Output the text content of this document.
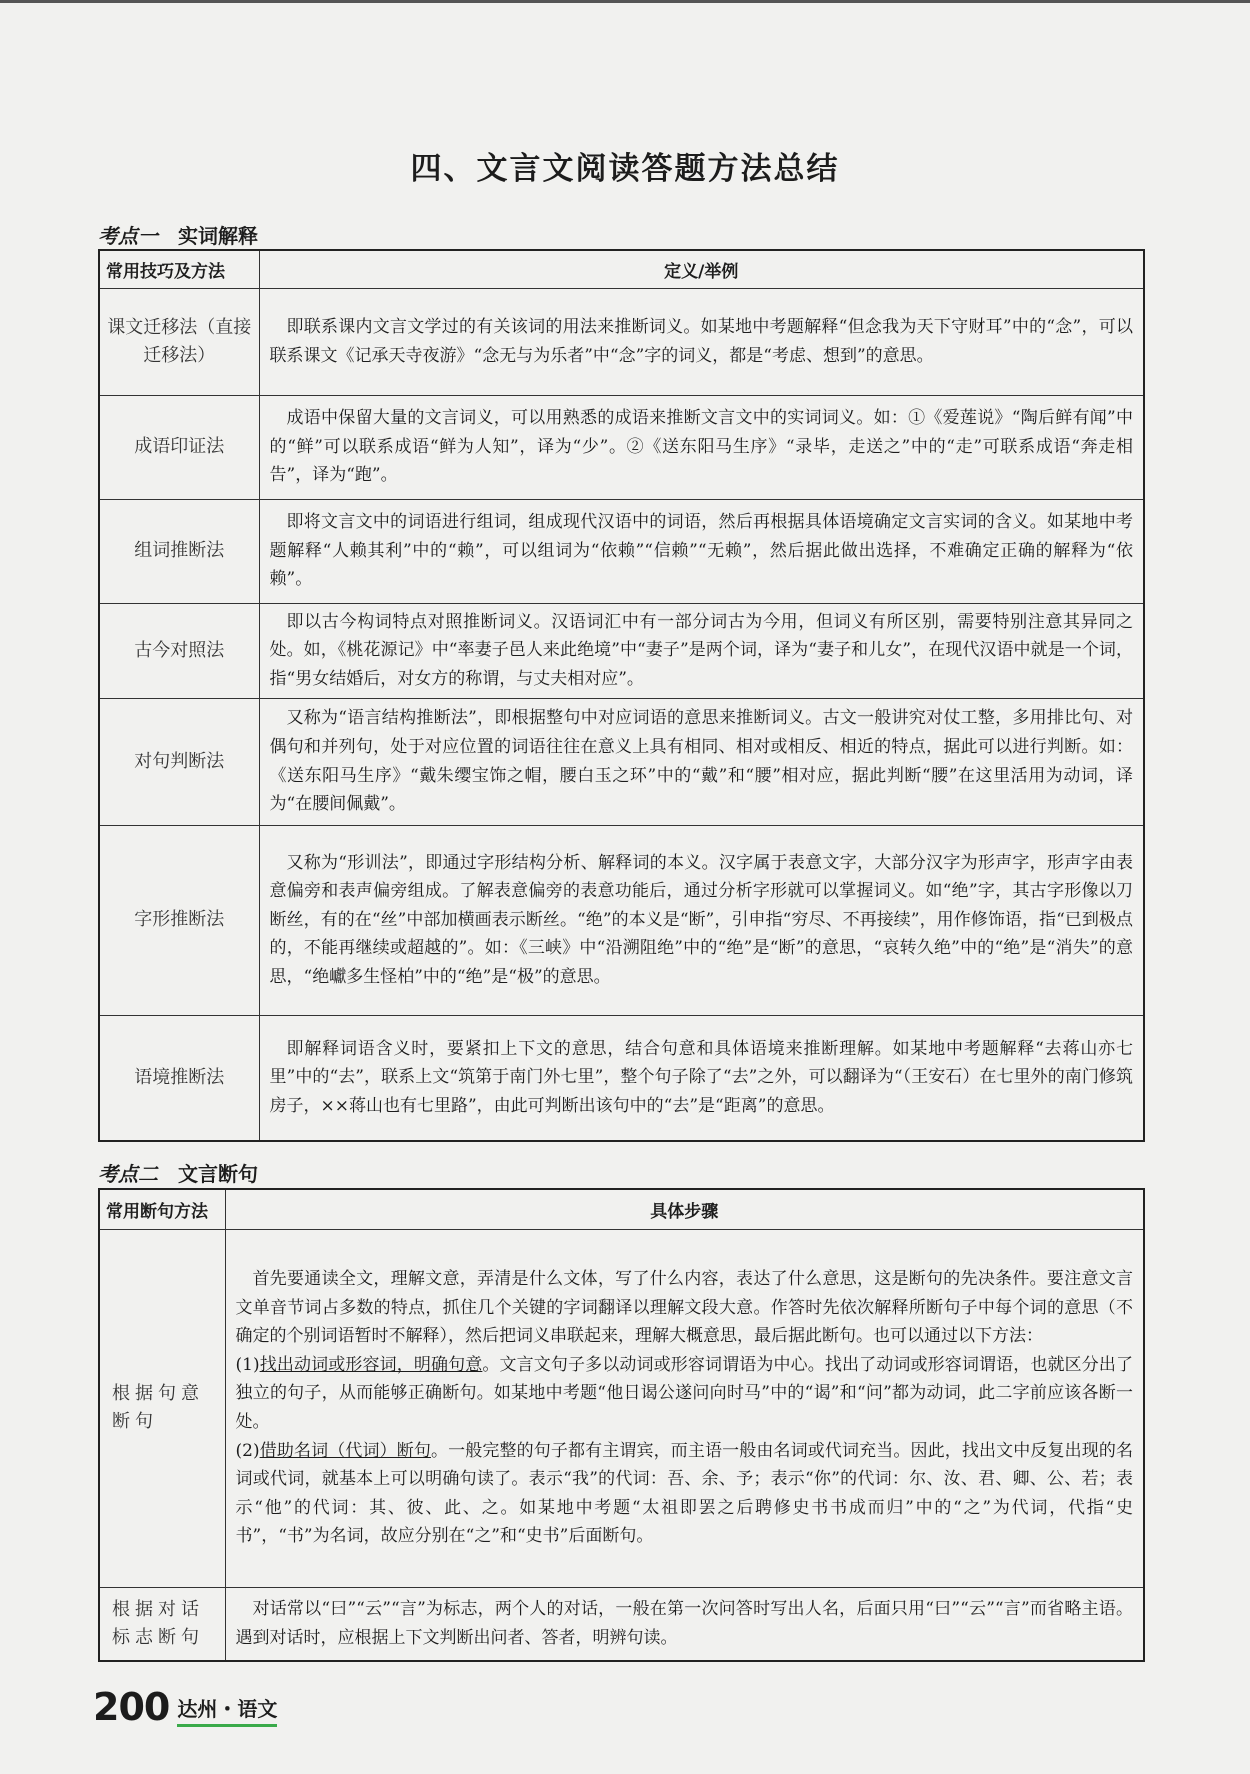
四、文言文阅读答题方法总结
考点一 实词解释
常用技巧及方法	定义/举例
课文迁移法（直接迁移法）	即联系课内文言文学过的有关该词的用法来推断词义。如某地中考题解释“但念我为天下守财耳”中的“念”，可以联系课文《记承天寺夜游》“念无与为乐者”中“念”字的词义，都是“考虑、想到”的意思。
成语印证法	成语中保留大量的文言词义，可以用熟悉的成语来推断文言文中的实词词义。如：①《爱莲说》“陶后鲜有闻”中的“鲜”可以联系成语“鲜为人知”，译为“少”。②《送东阳马生序》“录毕，走送之”中的“走”可联系成语“奔走相告”，译为“跑”。
组词推断法	即将文言文中的词语进行组词，组成现代汉语中的词语，然后再根据具体语境确定文言实词的含义。如某地中考题解释“人赖其利”中的“赖”，可以组词为“依赖”“信赖”“无赖”，然后据此做出选择，不难确定正确的解释为“依赖”。
古今对照法	即以古今构词特点对照推断词义。汉语词汇中有一部分词古为今用，但词义有所区别，需要特别注意其异同之处。如，《桃花源记》中“率妻子邑人来此绝境”中“妻子”是两个词，译为“妻子和儿女”，在现代汉语中就是一个词，指“男女结婚后，对女方的称谓，与丈夫相对应”。
对句判断法	又称为“语言结构推断法”，即根据整句中对应词语的意思来推断词义。古文一般讲究对仗工整，多用排比句、对偶句和并列句，处于对应位置的词语往往在意义上具有相同、相对或相反、相近的特点，据此可以进行判断。如：《送东阳马生序》“戴朱缨宝饰之帽，腰白玉之环”中的“戴”和“腰”相对应，据此判断“腰”在这里活用为动词，译为“在腰间佩戴”。
字形推断法	又称为“形训法”，即通过字形结构分析、解释词的本义。汉字属于表意文字，大部分汉字为形声字，形声字由表意偏旁和表声偏旁组成。了解表意偏旁的表意功能后，通过分析字形就可以掌握词义。如“绝”字，其古字形像以刀断丝，有的在“丝”中部加横画表示断丝。“绝”的本义是“断”，引申指“穷尽、不再接续”，用作修饰语，指“已到极点的，不能再继续或超越的”。如：《三峡》中“沿溯阻绝”中的“绝”是“断”的意思，“哀转久绝”中的“绝”是“消失”的意思，“绝巘多生怪柏”中的“绝”是“极”的意思。
语境推断法	即解释词语含义时，要紧扣上下文的意思，结合句意和具体语境来推断理解。如某地中考题解释“去蒋山亦七里”中的“去”，联系上文“筑第于南门外七里”，整个句子除了“去”之外，可以翻译为“（王安石）在七里外的南门修筑房子，××蒋山也有七里路”，由此可判断出该句中的“去”是“距离”的意思。
考点二 文言断句
常用断句方法	具体步骤
根据句意断句	首先要通读全文，理解文意，弄清是什么文体，写了什么内容，表达了什么意思，这是断句的先决条件。要注意文言文单音节词占多数的特点，抓住几个关键的字词翻译以理解文段大意。作答时先依次解释所断句子中每个词的意思（不确定的个别词语暂时不解释），然后把词义串联起来，理解大概意思，最后据此断句。也可以通过以下方法：

(1)找出动词或形容词，明确句意。文言文句子多以动词或形容词谓语为中心。找出了动词或形容词谓语，也就区分出了独立的句子，从而能够正确断句。如某地中考题“他日谒公遂问向时马”中的“谒”和“问”都为动词，此二字前应该各断一处。

(2)借助名词（代词）断句。一般完整的句子都有主谓宾，而主语一般由名词或代词充当。因此，找出文中反复出现的名词或代词，就基本上可以明确句读了。表示“我”的代词：吾、余、予；表示“你”的代词：尔、汝、君、卿、公、若；表示“他”的代词：其、彼、此、之。如某地中考题“太祖即罢之后聘修史书书成而归”中的“之”为代词，代指“史书”，“书”为名词，故应分别在“之”和“史书”后面断句。

根据对话标志断句	对话常以“曰”“云”“言”为标志，两个人的对话，一般在第一次问答时写出人名，后面只用“曰”“云”“言”而省略主语。遇到对话时，应根据上下文判断出问者、答者，明辨句读。
200 达州・语文
